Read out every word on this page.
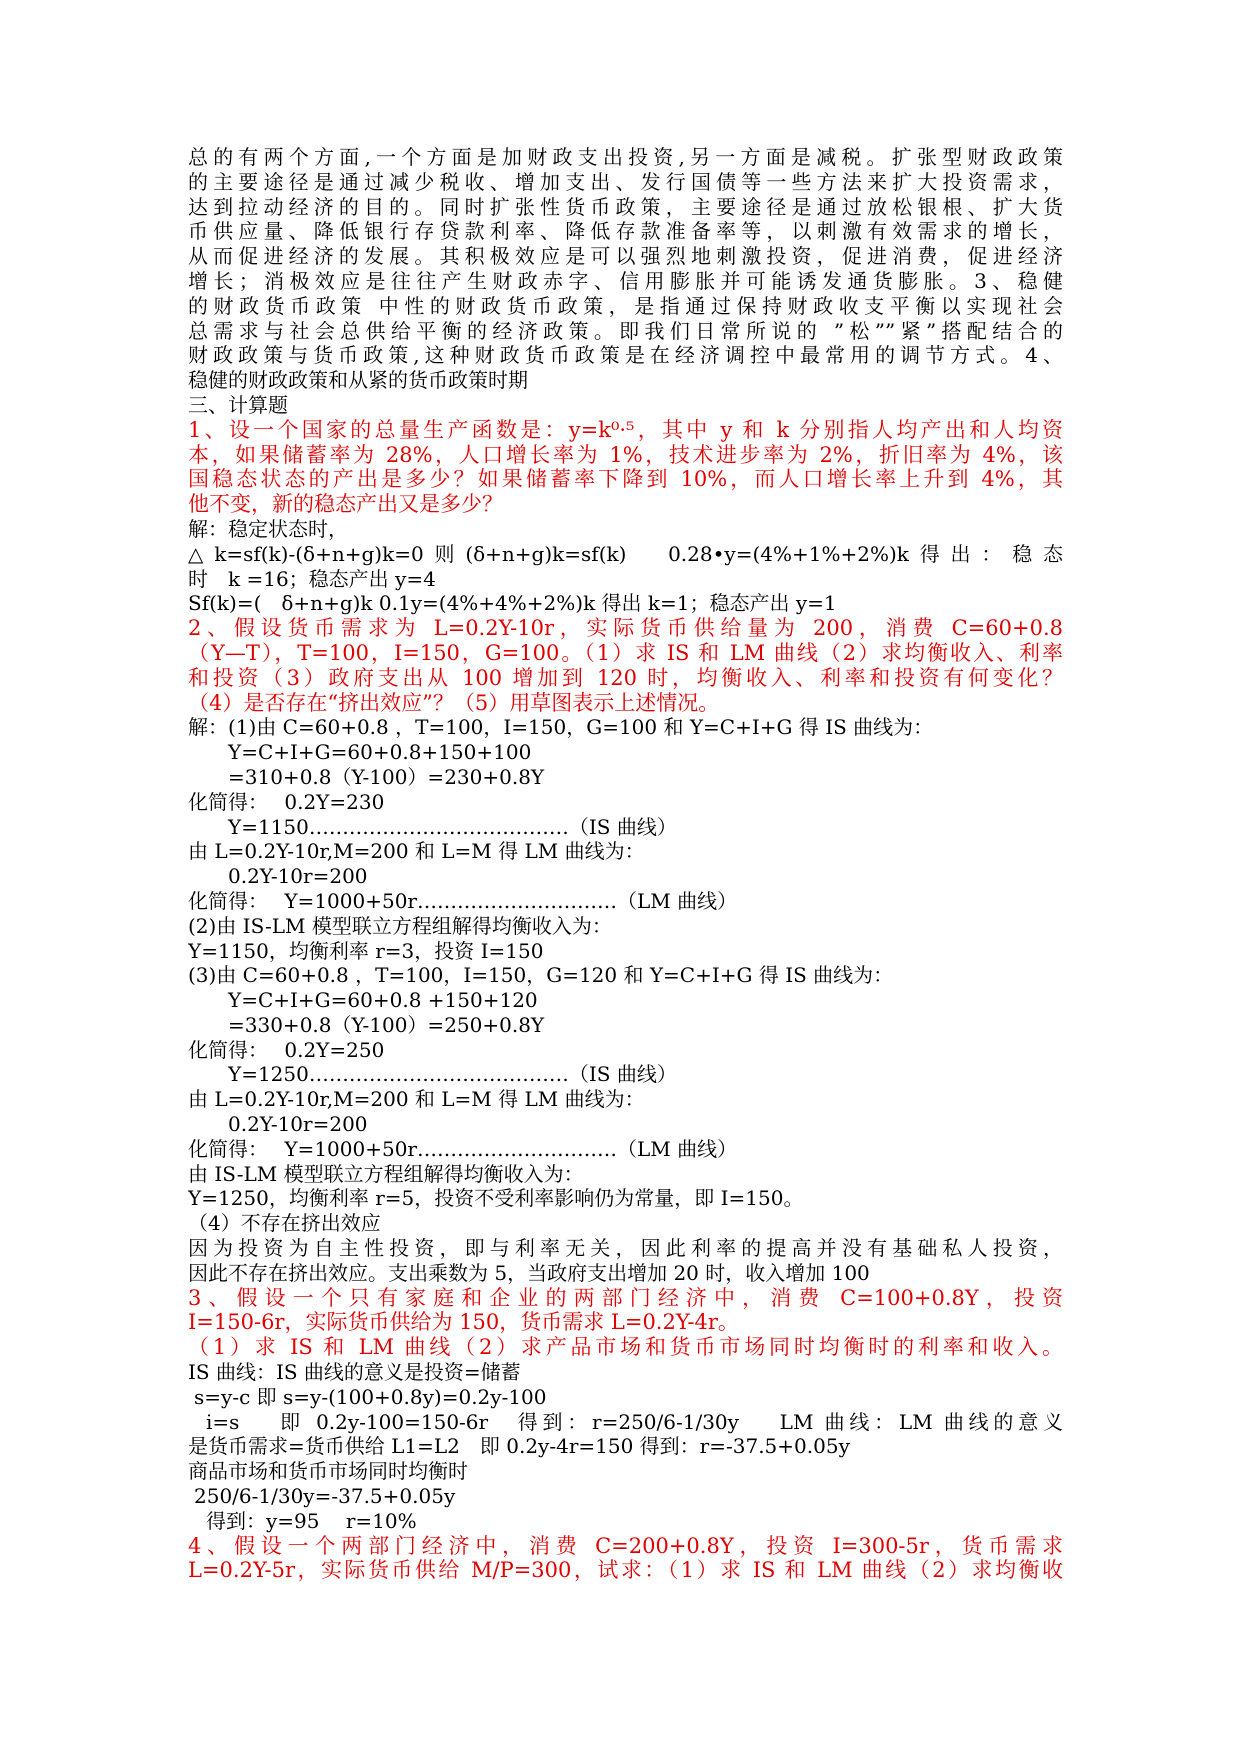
总的有两个方面,一个方面是加财政支出投资,另一方面是减税。扩张型财政政策
的主要途径是通过减少税收、增加支出、发行国债等一些方法来扩大投资需求，
达到拉动经济的目的。同时扩张性货币政策，主要途径是通过放松银根、扩大货
币供应量、降低银行存贷款利率、降低存款准备率等，以刺激有效需求的增长，
从而促进经济的发展。其积极效应是可以强烈地刺激投资，促进消费，促进经济
增长；消极效应是往往产生财政赤字、信用膨胀并可能诱发通货膨胀。3、稳健
的财政货币政策 中性的财政货币政策，是指通过保持财政收支平衡以实现社会
总需求与社会总供给平衡的经济政策。即我们日常所说的 ”松””紧”搭配结合的
财政政策与货币政策,这种财政货币政策是在经济调控中最常用的调节方式。4、
稳健的财政政策和从紧的货币政策时期
三、计算题
1、设一个国家的总量生产函数是：y=k⁰·⁵，其中 y 和 k 分别指人均产出和人均资
本，如果储蓄率为 28%，人口增长率为 1%，技术进步率为 2%，折旧率为 4%，该
国稳态状态的产出是多少？如果储蓄率下降到 10%，而人口增长率上升到 4%，其
他不变，新的稳态产出又是多少？
解：稳定状态时，
△k=sf(k)-(δ+n+g)k=0则(δ+n+g)k=sf(k)　0.28•y=(4%+1%+2%)k得出：稳态
时　k =16；稳态产出 y=4
Sf(k)=(　δ+n+g)k 0.1y=(4%+4%+2%)k 得出 k=1；稳态产出 y=1
2、假设货币需求为 L=0.2Y-10r，实际货币供给量为 200，消费 C=60+0.8
（Y—T），T=100，I=150，G=100。（1）求 IS 和 LM 曲线（2）求均衡收入、利率
和投资（3）政府支出从 100 增加到 120 时，均衡收入、利率和投资有何变化？
（4）是否存在“挤出效应”？（5）用草图表示上述情况。
解：(1)由 C=60+0.8 ，T=100，I=150，G=100 和 Y=C+I+G 得 IS 曲线为：
Y=C+I+G=60+0.8+150+100
=310+0.8（Y-100）=230+0.8Y
化简得：　 0.2Y=230
Y=1150…………………………………（IS 曲线）
由 L=0.2Y-10r,M=200 和 L=M 得 LM 曲线为：
0.2Y-10r=200
化简得：　 Y=1000+50r…………………………（LM 曲线）
(2)由 IS-LM 模型联立方程组解得均衡收入为：
Y=1150，均衡利率 r=3，投资 I=150
(3)由 C=60+0.8 ，T=100，I=150，G=120 和 Y=C+I+G 得 IS 曲线为：
Y=C+I+G=60+0.8 +150+120
=330+0.8（Y-100）=250+0.8Y
化简得：　 0.2Y=250
Y=1250…………………………………（IS 曲线）
由 L=0.2Y-10r,M=200 和 L=M 得 LM 曲线为：
0.2Y-10r=200
化简得：　 Y=1000+50r…………………………（LM 曲线）
由 IS-LM 模型联立方程组解得均衡收入为：
Y=1250，均衡利率 r=5，投资不受利率影响仍为常量，即 I=150。
（4）不存在挤出效应
因为投资为自主性投资，即与利率无关，因此利率的提高并没有基础私人投资，
因此不存在挤出效应。支出乘数为 5，当政府支出增加 20 时，收入增加 100
3、假设一个只有家庭和企业的两部门经济中，消费 C=100+0.8Y，投资
I=150-6r，实际货币供给为 150，货币需求 L=0.2Y-4r。
（1）求 IS 和 LM 曲线（2）求产品市场和货币市场同时均衡时的利率和收入。
IS 曲线：IS 曲线的意义是投资=储蓄
s=y-c 即 s=y-(100+0.8y)=0.2y-100
i=s　 即 0.2y-100=150-6r　得到：r=250/6-1/30y　 LM 曲线：LM 曲线的意义
是货币需求=货币供给 L1=L2　即 0.2y-4r=150 得到：r=-37.5+0.05y
商品市场和货币市场同时均衡时
250/6-1/30y=-37.5+0.05y
得到：y=95　 r=10%
4、假设一个两部门经济中，消费 C=200+0.8Y，投资 I=300-5r，货币需求
L=0.2Y-5r，实际货币供给 M/P=300，试求：（1）求 IS 和 LM 曲线（2）求均衡收
